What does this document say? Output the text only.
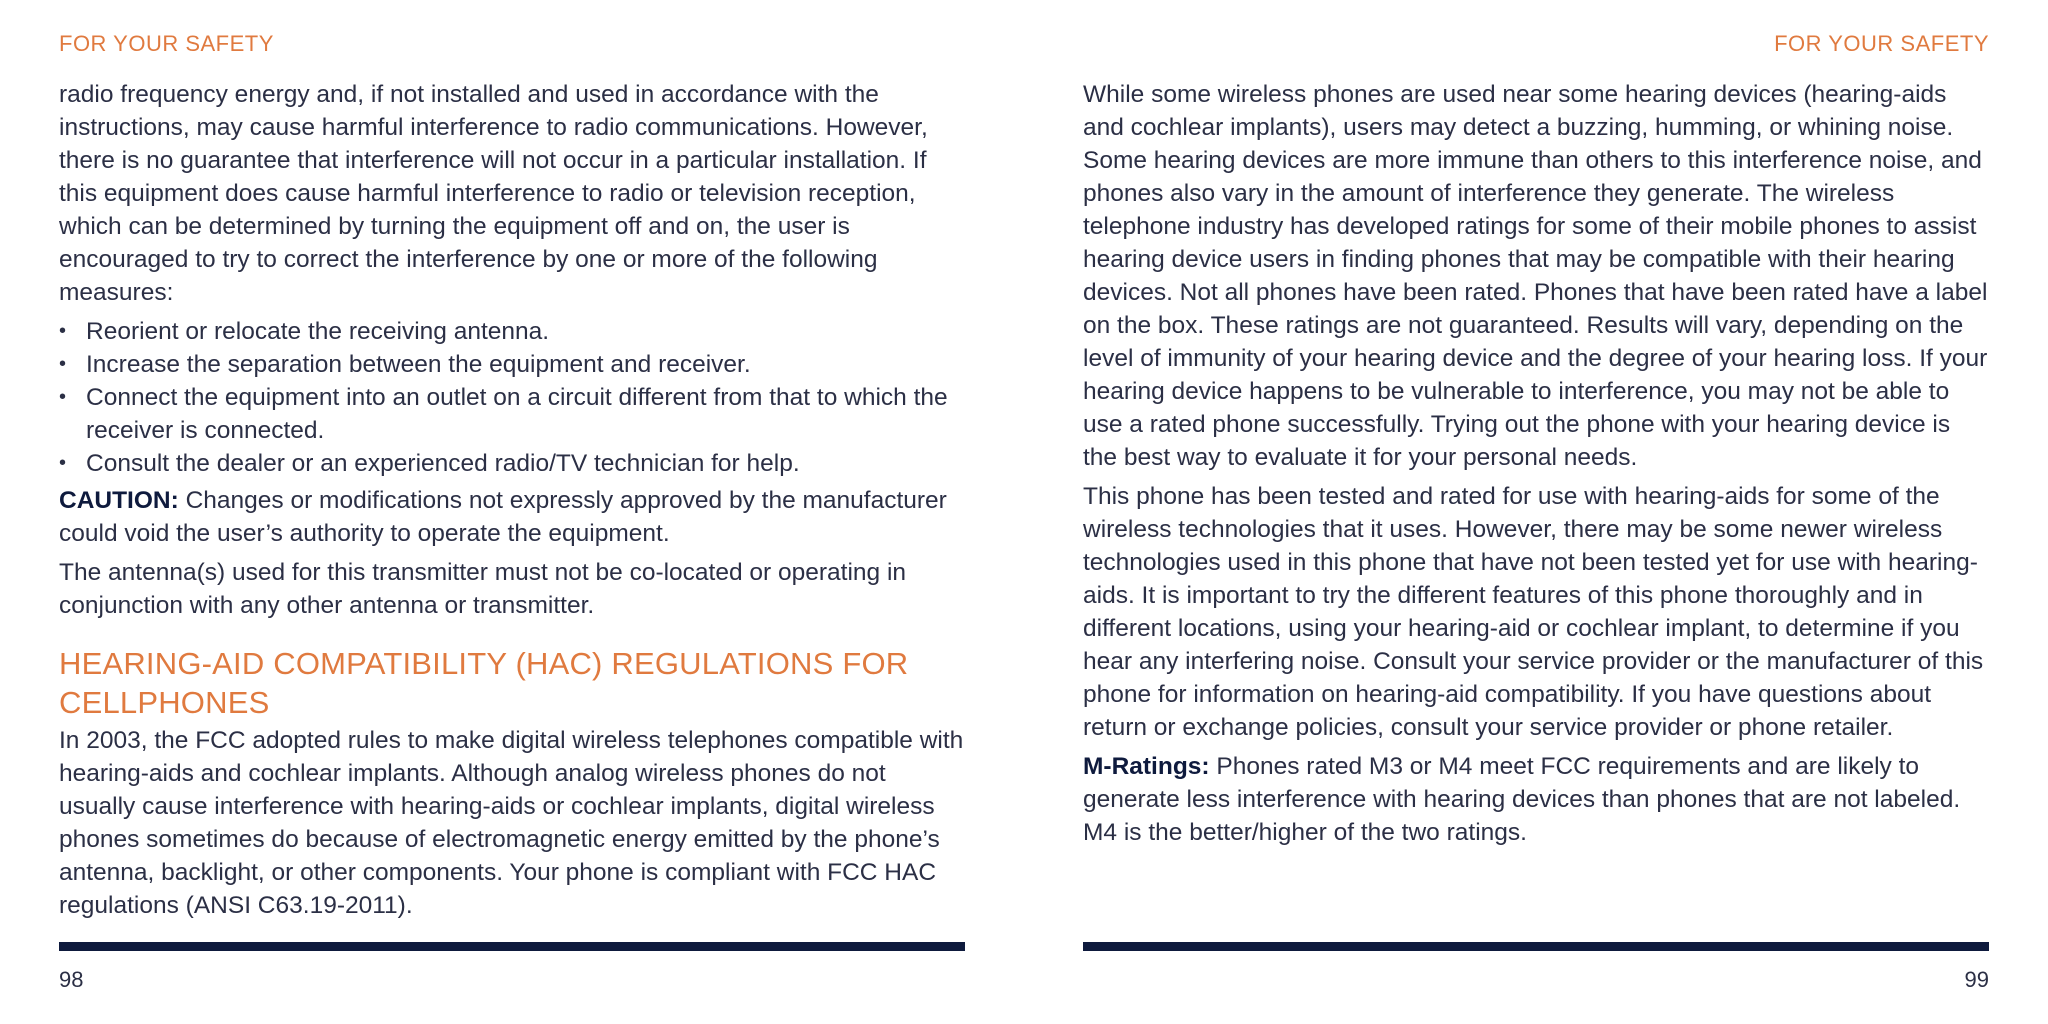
FOR YOUR SAFETY

radio frequency energy and, if not installed and used in accordance with the instructions, may cause harmful interference to radio communications. However, there is no guarantee that interference will not occur in a particular installation. If this equipment does cause harmful interference to radio or television reception, which can be determined by turning the equipment off and on, the user is encouraged to try to correct the interference by one or more of the following measures:

• Reorient or relocate the receiving antenna.
• Increase the separation between the equipment and receiver.
• Connect the equipment into an outlet on a circuit different from that to which the receiver is connected.
• Consult the dealer or an experienced radio/TV technician for help.

CAUTION: Changes or modifications not expressly approved by the manufacturer could void the user’s authority to operate the equipment.

The antenna(s) used for this transmitter must not be co-located or operating in conjunction with any other antenna or transmitter.

HEARING-AID COMPATIBILITY (HAC) REGULATIONS FOR CELLPHONES

In 2003, the FCC adopted rules to make digital wireless telephones compatible with hearing-aids and cochlear implants. Although analog wireless phones do not usually cause interference with hearing-aids or cochlear implants, digital wireless phones sometimes do because of electromagnetic energy emitted by the phone’s antenna, backlight, or other components. Your phone is compliant with FCC HAC regulations (ANSI C63.19-2011).

98
FOR YOUR SAFETY

While some wireless phones are used near some hearing devices (hearing-aids and cochlear implants), users may detect a buzzing, humming, or whining noise. Some hearing devices are more immune than others to this interference noise, and phones also vary in the amount of interference they generate. The wireless telephone industry has developed ratings for some of their mobile phones to assist hearing device users in finding phones that may be compatible with their hearing devices. Not all phones have been rated. Phones that have been rated have a label on the box. These ratings are not guaranteed. Results will vary, depending on the level of immunity of your hearing device and the degree of your hearing loss. If your hearing device happens to be vulnerable to interference, you may not be able to use a rated phone successfully. Trying out the phone with your hearing device is the best way to evaluate it for your personal needs.

This phone has been tested and rated for use with hearing-aids for some of the wireless technologies that it uses. However, there may be some newer wireless technologies used in this phone that have not been tested yet for use with hearing-aids. It is important to try the different features of this phone thoroughly and in different locations, using your hearing-aid or cochlear implant, to determine if you hear any interfering noise. Consult your service provider or the manufacturer of this phone for information on hearing-aid compatibility. If you have questions about return or exchange policies, consult your service provider or phone retailer.

M-Ratings: Phones rated M3 or M4 meet FCC requirements and are likely to generate less interference with hearing devices than phones that are not labeled. M4 is the better/higher of the two ratings.

99
